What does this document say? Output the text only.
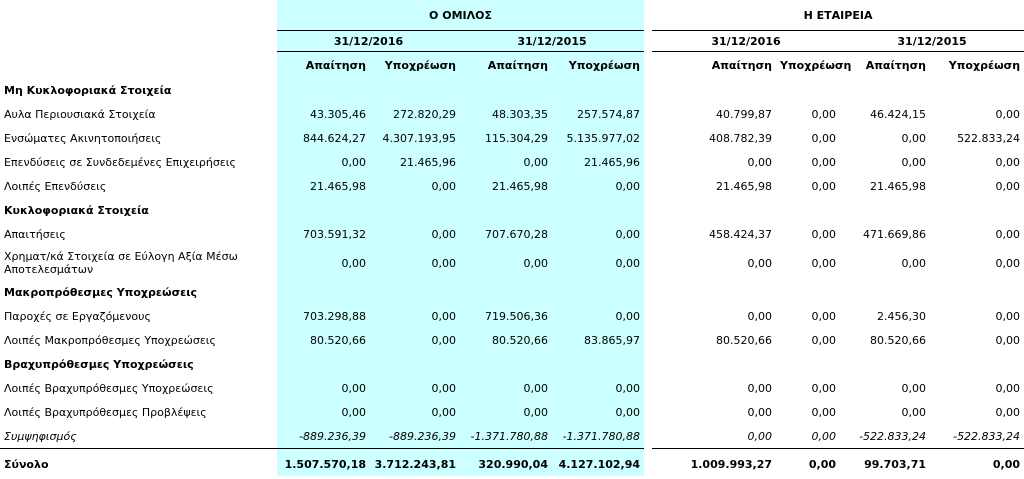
	Ο ΟΜΙΛΟΣ					Η ΕΤΑΙΡΕΙΑ			
	31/12/2016		31/12/2015			31/12/2016		31/12/2015	
	Απαίτηση	Υποχρέωση	Απαίτηση	Υποχρέωση		Απαίτηση	Υποχρέωση	Απαίτηση	Υποχρέωση
Μη Κυκλοφοριακά Στοιχεία									
Αυλα Περιουσιακά Στοιχεία	43.305,46	272.820,29	48.303,35	257.574,87		40.799,87	0,00	46.424,15	0,00
Ενσώματες Ακινητοποιήσεις	844.624,27	4.307.193,95	115.304,29	5.135.977,02		408.782,39	0,00	0,00	522.833,24
Επενδύσεις σε Συνδεδεμένες Επιχειρήσεις	0,00	21.465,96	0,00	21.465,96		0,00	0,00	0,00	0,00
Λοιπές Επενδύσεις	21.465,98	0,00	21.465,98	0,00		21.465,98	0,00	21.465,98	0,00
Κυκλοφοριακά Στοιχεία									
Απαιτήσεις	703.591,32	0,00	707.670,28	0,00		458.424,37	0,00	471.669,86	0,00
Χρηματ/κά Στοιχεία σε Εύλογη Αξία Μέσω Αποτελεσμάτων	0,00	0,00	0,00	0,00		0,00	0,00	0,00	0,00
Μακροπρόθεσμες Υποχρεώσεις									
Παροχές σε Εργαζόμενους	703.298,88	0,00	719.506,36	0,00		0,00	0,00	2.456,30	0,00
Λοιπές Μακροπρόθεσμες Υποχρεώσεις	80.520,66	0,00	80.520,66	83.865,97		80.520,66	0,00	80.520,66	0,00
Βραχυπρόθεσμες Υποχρεώσεις									
Λοιπές Βραχυπρόθεσμες Υποχρεώσεις	0,00	0,00	0,00	0,00		0,00	0,00	0,00	0,00
Λοιπές Βραχυπρόθεσμες Προβλέψεις	0,00	0,00	0,00	0,00		0,00	0,00	0,00	0,00
Συμψηφισμός	-889.236,39	-889.236,39	-1.371.780,88	-1.371.780,88		0,00	0,00	-522.833,24	-522.833,24
Σύνολο	1.507.570,18	3.712.243,81	320.990,04	4.127.102,94		1.009.993,27	0,00	99.703,71	0,00
